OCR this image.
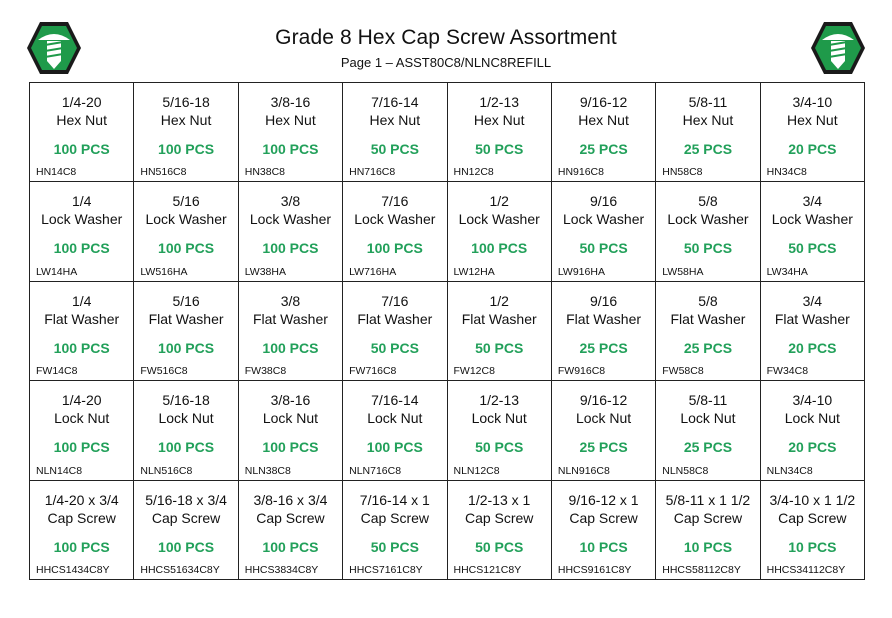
Grade 8 Hex Cap Screw Assortment
Page 1 – ASST80C8/NLNC8REFILL
1/4-20
Hex Nut
100 PCS
HN14C8
5/16-18
Hex Nut
100 PCS
HN516C8
3/8-16
Hex Nut
100 PCS
HN38C8
7/16-14
Hex Nut
50 PCS
HN716C8
1/2-13
Hex Nut
50 PCS
HN12C8
9/16-12
Hex Nut
25 PCS
HN916C8
5/8-11
Hex Nut
25 PCS
HN58C8
3/4-10
Hex Nut
20 PCS
HN34C8
1/4
Lock Washer
100 PCS
LW14HA
5/16
Lock Washer
100 PCS
LW516HA
3/8
Lock Washer
100 PCS
LW38HA
7/16
Lock Washer
100 PCS
LW716HA
1/2
Lock Washer
100 PCS
LW12HA
9/16
Lock Washer
50 PCS
LW916HA
5/8
Lock Washer
50 PCS
LW58HA
3/4
Lock Washer
50 PCS
LW34HA
1/4
Flat Washer
100 PCS
FW14C8
5/16
Flat Washer
100 PCS
FW516C8
3/8
Flat Washer
100 PCS
FW38C8
7/16
Flat Washer
50 PCS
FW716C8
1/2
Flat Washer
50 PCS
FW12C8
9/16
Flat Washer
25 PCS
FW916C8
5/8
Flat Washer
25 PCS
FW58C8
3/4
Flat Washer
20 PCS
FW34C8
1/4-20
Lock Nut
100 PCS
NLN14C8
5/16-18
Lock Nut
100 PCS
NLN516C8
3/8-16
Lock Nut
100 PCS
NLN38C8
7/16-14
Lock Nut
100 PCS
NLN716C8
1/2-13
Lock Nut
50 PCS
NLN12C8
9/16-12
Lock Nut
25 PCS
NLN916C8
5/8-11
Lock Nut
25 PCS
NLN58C8
3/4-10
Lock Nut
20 PCS
NLN34C8
1/4-20 x 3/4
Cap Screw
100 PCS
HHCS1434C8Y
5/16-18 x 3/4
Cap Screw
100 PCS
HHCS51634C8Y
3/8-16 x 3/4
Cap Screw
100 PCS
HHCS3834C8Y
7/16-14 x 1
Cap Screw
50 PCS
HHCS7161C8Y
1/2-13 x 1
Cap Screw
50 PCS
HHCS121C8Y
9/16-12 x 1
Cap Screw
10 PCS
HHCS9161C8Y
5/8-11 x 1 1/2
Cap Screw
10 PCS
HHCS58112C8Y
3/4-10 x 1 1/2
Cap Screw
10 PCS
HHCS34112C8Y
